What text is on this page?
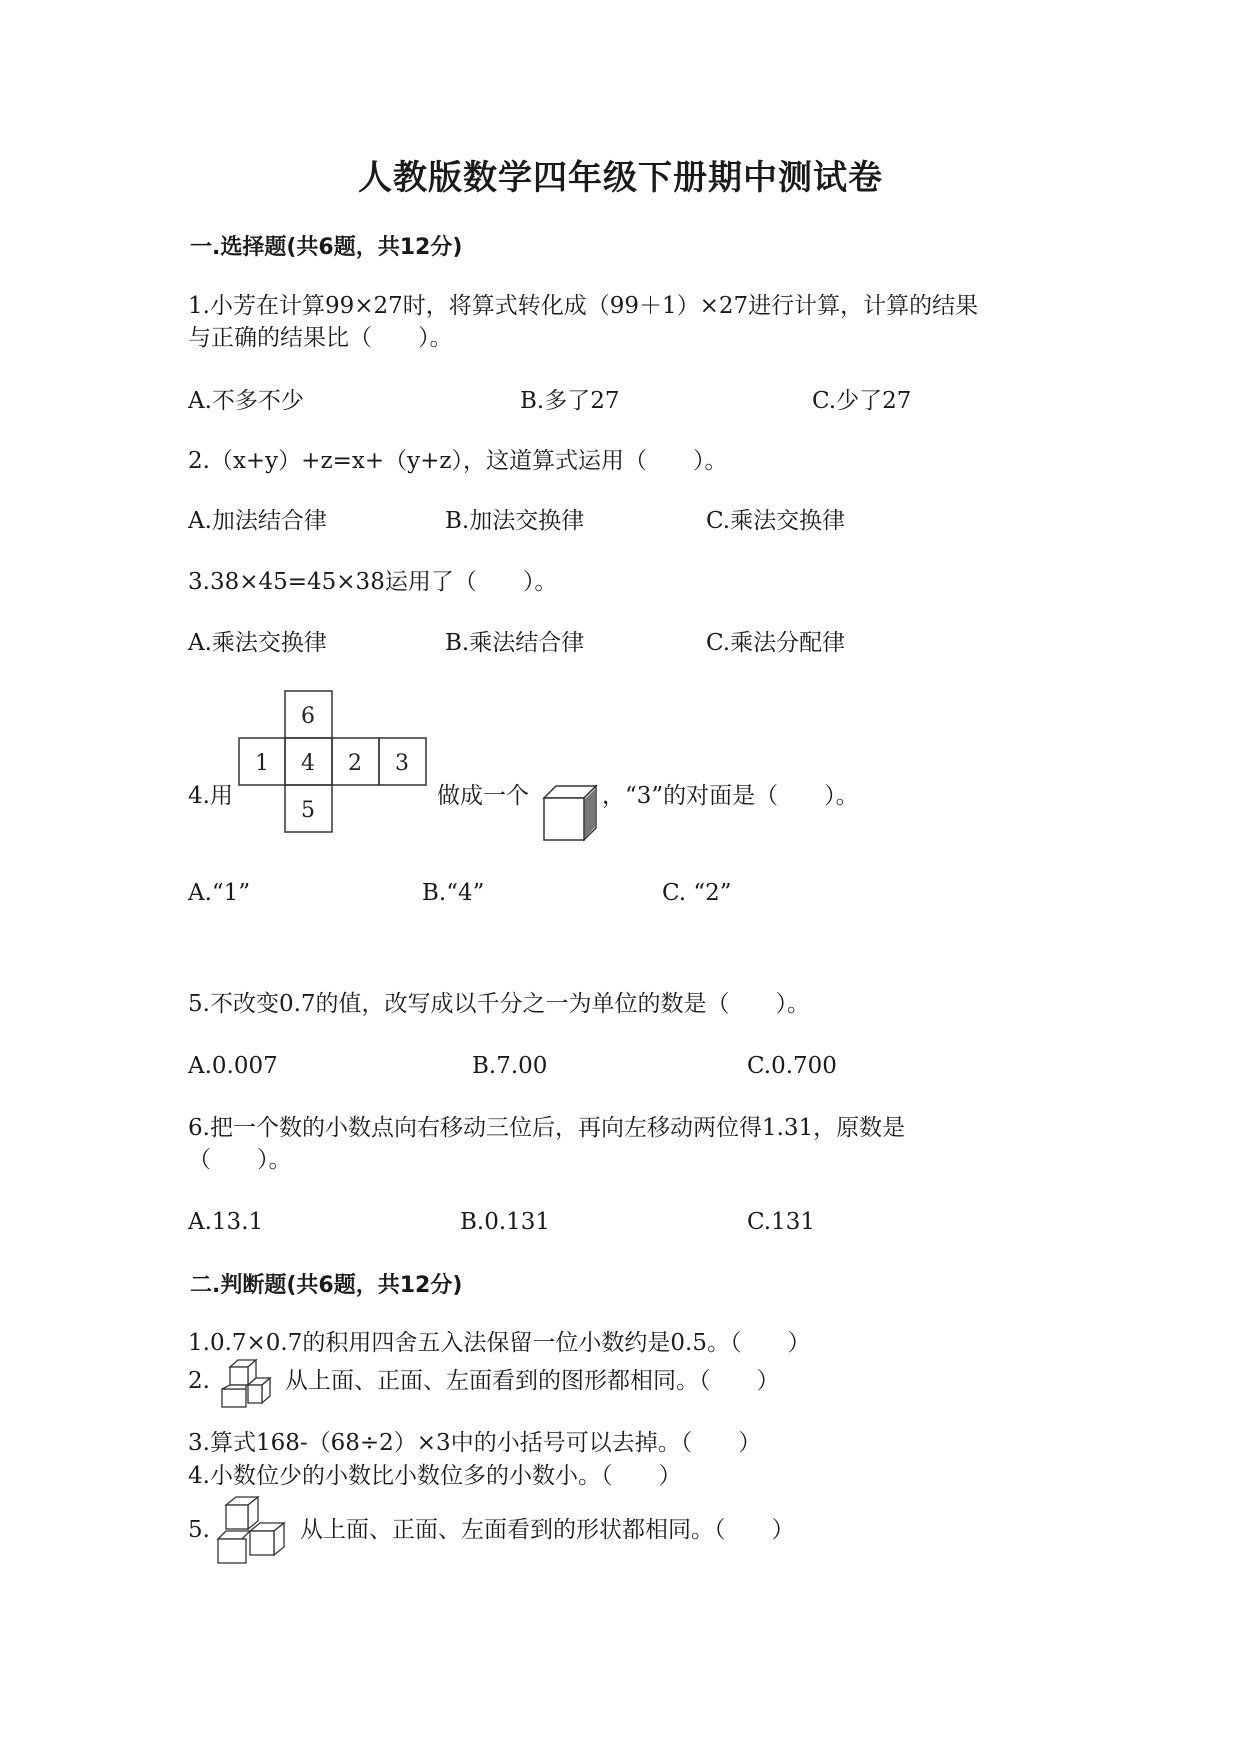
人教版数学四年级下册期中测试卷
一.选择题(共6题，共12分)
1.小芳在计算99×27时，将算式转化成（99＋1）×27进行计算，计算的结果
与正确的结果比（　　）。
A.不多不少	B.多了27	C.少了27
2.（x+y）+z=x+（y+z），这道算式运用（　　）。
A.加法结合律	B.加法交换律	C.乘法交换律
3.38×45=45×38运用了（　　）。
A.乘法交换律	B.乘法结合律	C.乘法分配律
4.用
6
1 4 2 3
5
做成一个	，“3”的对面是（　　）。
A.“1”	B.“4”	C. “2”
5.不改变0.7的值，改写成以千分之一为单位的数是（　　）。
A.0.007	B.7.00	C.0.700
6.把一个数的小数点向右移动三位后，再向左移动两位得1.31，原数是
（　　）。
A.13.1	B.0.131	C.131
二.判断题(共6题，共12分)
1.0.7×0.7的积用四舍五入法保留一位小数约是0.5。（　　）
2.	从上面、正面、左面看到的图形都相同。（　　）
3.算式168-（68÷2）×3中的小括号可以去掉。（　　）
4.小数位少的小数比小数位多的小数小。（　　）
5.	从上面、正面、左面看到的形状都相同。（　　）
